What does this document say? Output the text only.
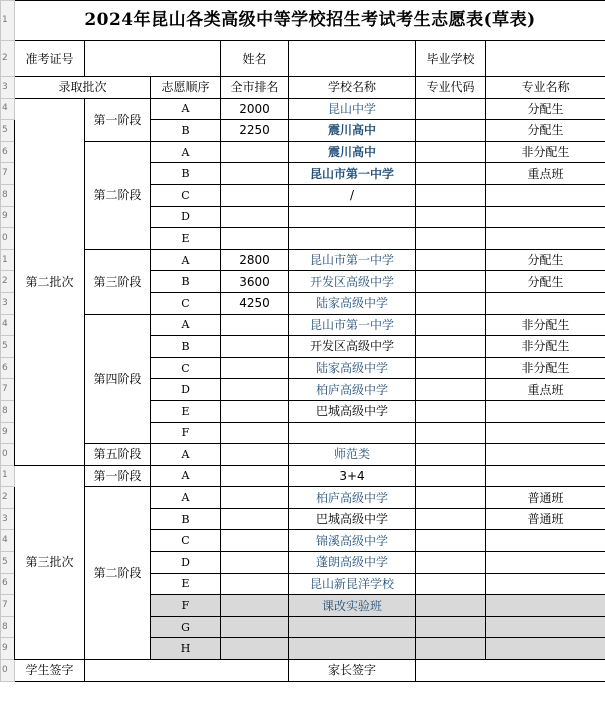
1	2024年昆山各类高级中等学校招生考试考生志愿表(草表)						
2	准考证号			姓名		毕业学校	
3	录取批次		志愿顺序	全市排名	学校名称	专业代码	专业名称
4	第二批次	第一阶段	A	2000	昆山中学		分配生
5			B	2250	震川高中		分配生
6		第二阶段	A		震川高中		非分配生
7			B		昆山市第一中学		重点班
8			C		/		
9			D				
0			E				
1		第三阶段	A	2800	昆山市第一中学		分配生
2			B	3600	开发区高级中学		分配生
3			C	4250	陆家高级中学		
4		第四阶段	A		昆山市第一中学		非分配生
5			B		开发区高级中学		非分配生
6			C		陆家高级中学		非分配生
7			D		柏庐高级中学		重点班
8			E		巴城高级中学		
9			F				
0		第五阶段	A		师范类		
1	第三批次	第一阶段	A		3+4		
2		第二阶段	A		柏庐高级中学		普通班
3			B		巴城高级中学		普通班
4			C		锦溪高级中学		
5			D		蓬朗高级中学		
6			E		昆山新昆洋学校		
7			F		课改实验班		
8			G				
9			H				
0	学生签字				家长签字		
